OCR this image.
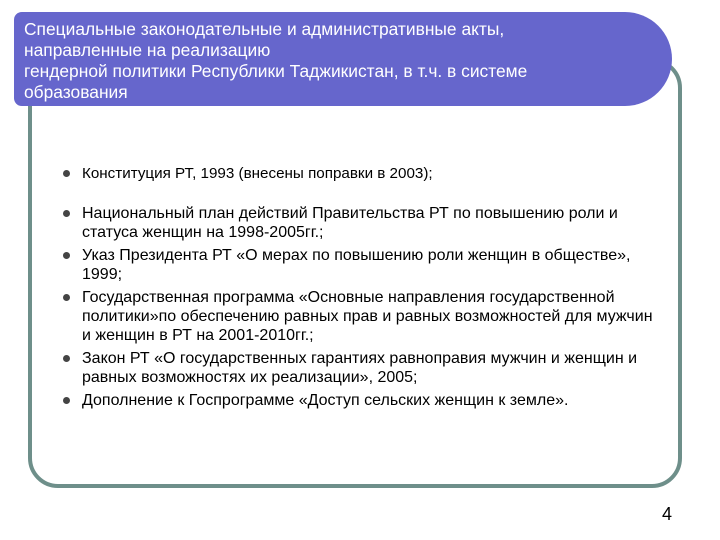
Специальные законодательные и административные акты,
направленные на реализацию
гендерной политики Республики Таджикистан, в т.ч. в системе
образования
Конституция РТ, 1993 (внесены поправки в 2003);
Национальный план действий Правительства РТ по повышению роли и статуса женщин на 1998-2005гг.;
Указ Президента РТ «О мерах по повышению роли женщин в обществе», 1999;
Государственная программа «Основные направления государственной политики»по обеспечению равных прав и равных возможностей для мужчин и женщин в РТ на 2001-2010гг.;
Закон РТ «О государственных гарантиях равноправия мужчин и женщин и равных возможностях их реализации», 2005;
Дополнение к Госпрограмме «Доступ сельских женщин к земле».
4
